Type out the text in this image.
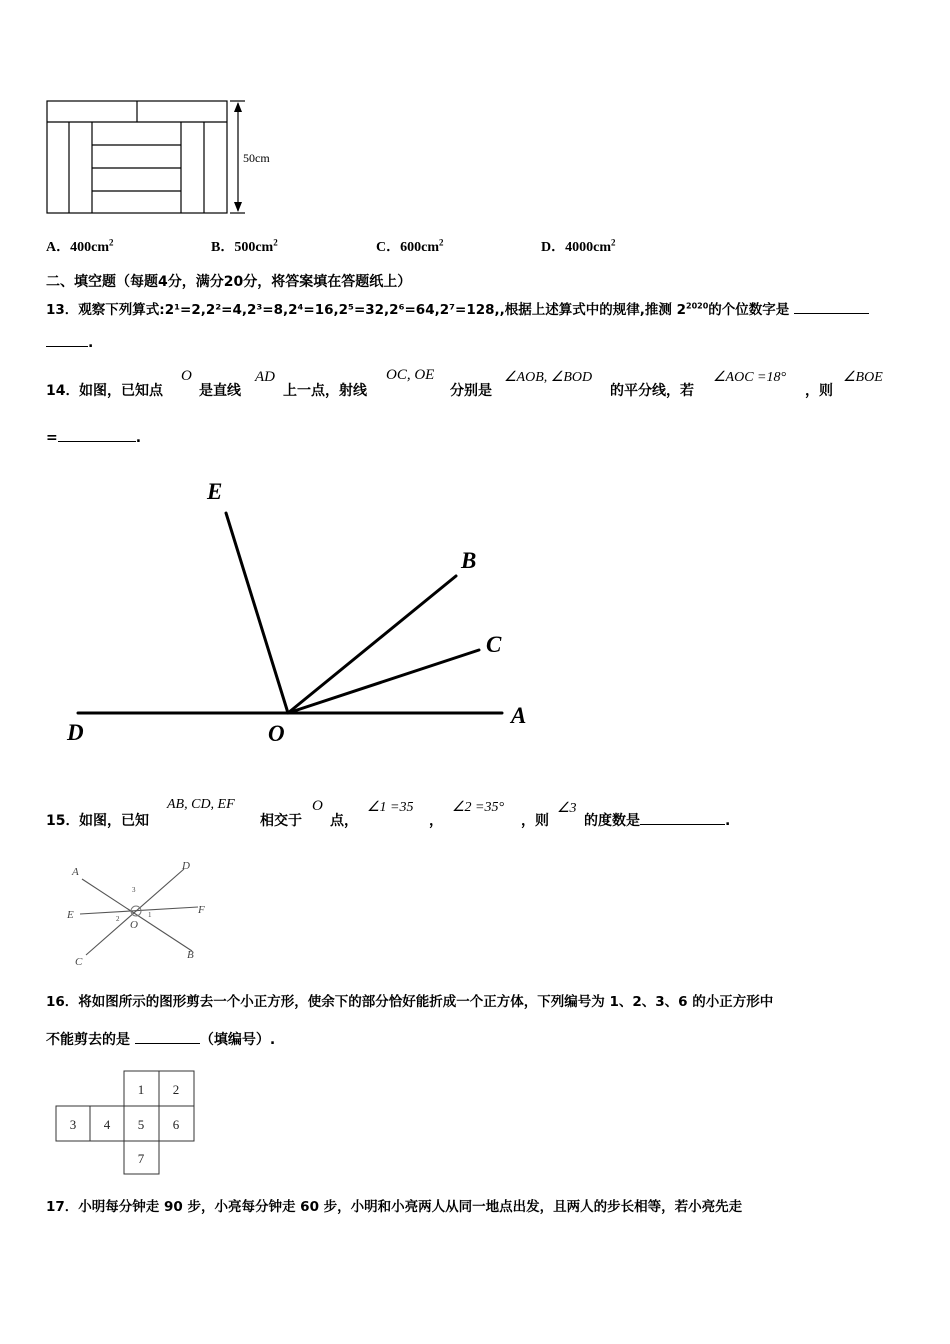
50cm
A．$400cm^2$	B．$500cm^2$	C．$600cm^2$	D．$4000cm^2$
二、填空题（每题4分，满分20分，将答案填在答题纸上）
13．观察下列算式:2¹=2,2²=4,2³=8,2⁴=16,2⁵=32,2⁶=64,2⁷=128,,根据上述算式中的规律,推测 $2^{2020}$的个位数字是
.
14． 如图，已知点
O
是直线
AD
上一点，射线
OC, OE
分别是
∠AOB, ∠BOD
的平分线，若
∠AOC =18°
，则
∠BOE
=	.
E
B
C
D	O
A
15． 如图，已知
AB, CD, EF
相交于
O
点，
∠1 =35
，
∠2 =35°
，则
∠3
的度数是	.
A	D
E	F
O
C
B
1
2
3
16．将如图所示的图形剪去一个小正方形，使余下的部分恰好能折成一个正方体，下列编号为 1、2、3、6 的小正方形中
不能剪去的是	（填编号）.
1 2
3 4 5 6
7
17．小明每分钟走 90 步，小亮每分钟走 60 步，小明和小亮两人从同一地点出发，且两人的步长相等，若小亮先走
